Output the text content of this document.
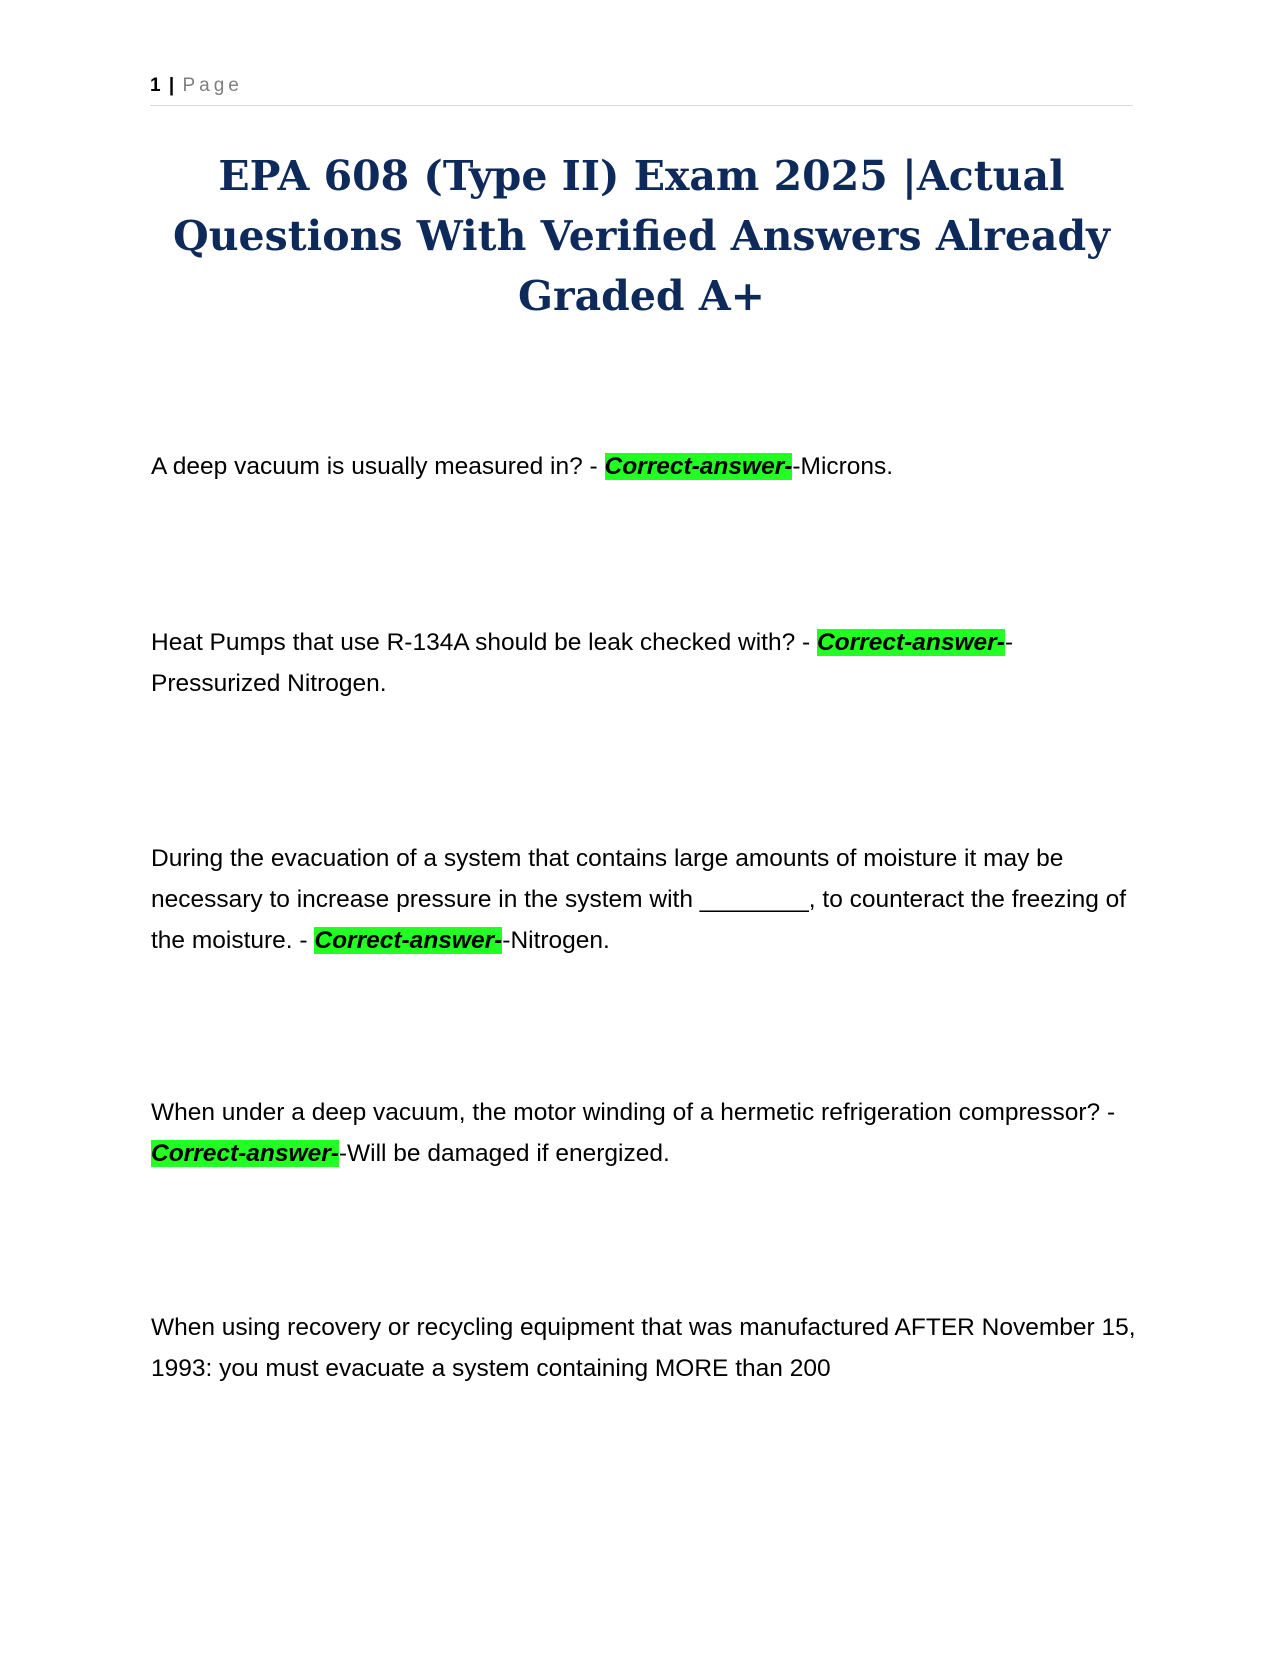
1 | Page
EPA 608 (Type II) Exam 2025 |Actual Questions With Verified Answers Already Graded A+

A deep vacuum is usually measured in? - Correct-answer--Microns.

Heat Pumps that use R-134A should be leak checked with? - Correct-answer--Pressurized Nitrogen.

During the evacuation of a system that contains large amounts of moisture it may be necessary to increase pressure in the system with ________, to counteract the freezing of the moisture. - Correct-answer--Nitrogen.

When under a deep vacuum, the motor winding of a hermetic refrigeration compressor? - Correct-answer--Will be damaged if energized.

When using recovery or recycling equipment that was manufactured AFTER November 15, 1993: you must evacuate a system containing MORE than 200
